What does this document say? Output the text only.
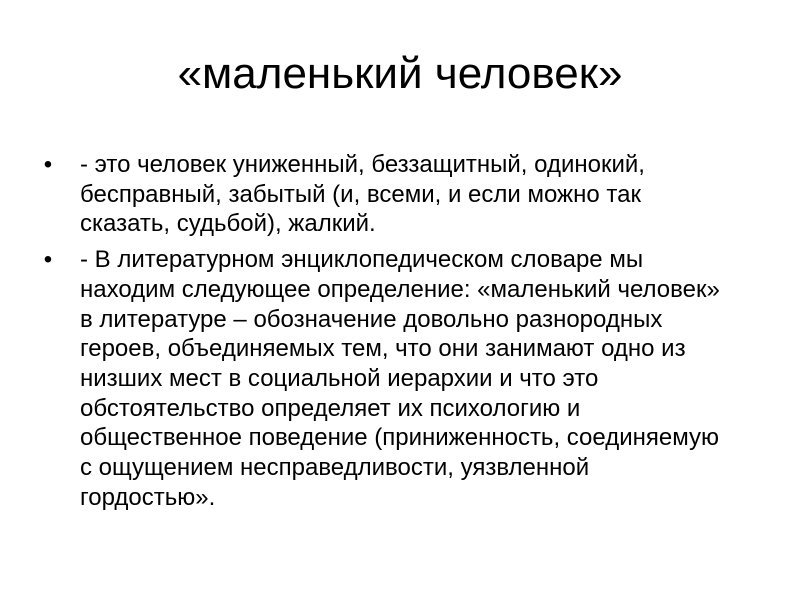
«маленький человек»
• - это человек униженный, беззащитный, одинокий, бесправный, забытый (и, всеми, и если можно так сказать, судьбой), жалкий.
• - В литературном энциклопедическом словаре мы находим следующее определение: «маленький человек» в литературе – обозначение довольно разнородных героев, объединяемых тем, что они занимают одно из низших мест в социальной иерархии и что это обстоятельство определяет их психологию и общественное поведение (приниженность, соединяемую с ощущением несправедливости, уязвленной гордостью».
